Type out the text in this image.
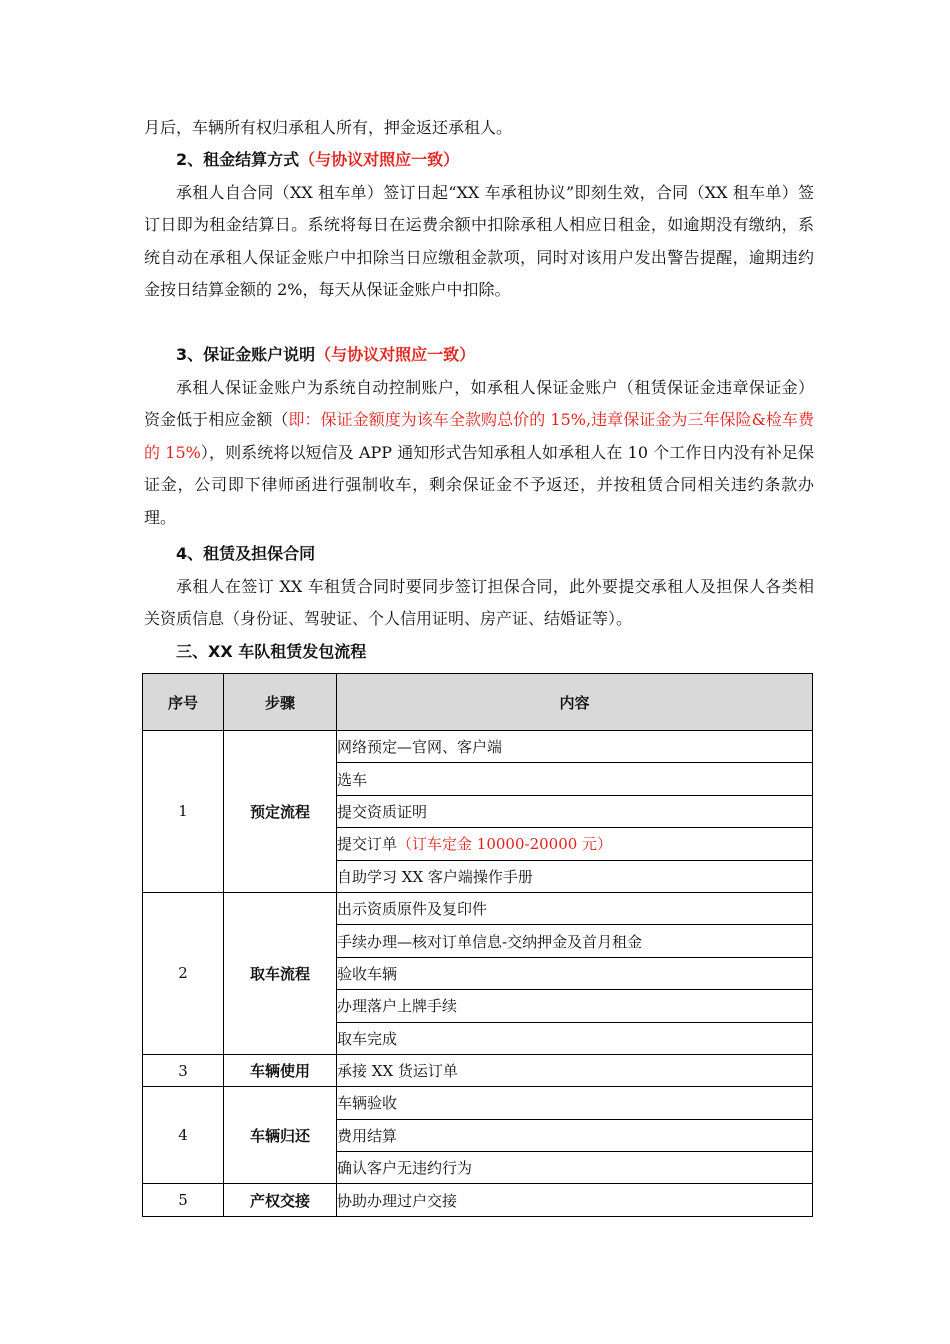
月后，车辆所有权归承租人所有，押金返还承租人。
2、租金结算方式（与协议对照应一致）
承租人自合同（XX 租车单）签订日起“XX 车承租协议”即刻生效，合同（XX 租车单）签订日即为租金结算日。系统将每日在运费余额中扣除承租人相应日租金，如逾期没有缴纳，系统自动在承租人保证金账户中扣除当日应缴租金款项，同时对该用户发出警告提醒，逾期违约金按日结算金额的 2%，每天从保证金账户中扣除。
3、保证金账户说明（与协议对照应一致）
承租人保证金账户为系统自动控制账户，如承租人保证金账户（租赁保证金违章保证金）资金低于相应金额（即：保证金额度为该车全款购总价的 15%,违章保证金为三年保险&检车费的 15%），则系统将以短信及 APP 通知形式告知承租人如承租人在 10 个工作日内没有补足保证金，公司即下律师函进行强制收车，剩余保证金不予返还，并按租赁合同相关违约条款办理。
4、租赁及担保合同
承租人在签订 XX 车租赁合同时要同步签订担保合同，此外要提交承租人及担保人各类相关资质信息（身份证、驾驶证、个人信用证明、房产证、结婚证等）。
三、XX 车队租赁发包流程
序号	步骤	内容
1	预定流程	网络预定—官网、客户端
		选车
		提交资质证明
		提交订单（订车定金 10000-20000 元）
		自助学习 XX 客户端操作手册
2	取车流程	出示资质原件及复印件
		手续办理—核对订单信息-交纳押金及首月租金
		验收车辆
		办理落户上牌手续
		取车完成
3	车辆使用	承接 XX 货运订单
4	车辆归还	车辆验收
		费用结算
		确认客户无违约行为
5	产权交接	协助办理过户交接
